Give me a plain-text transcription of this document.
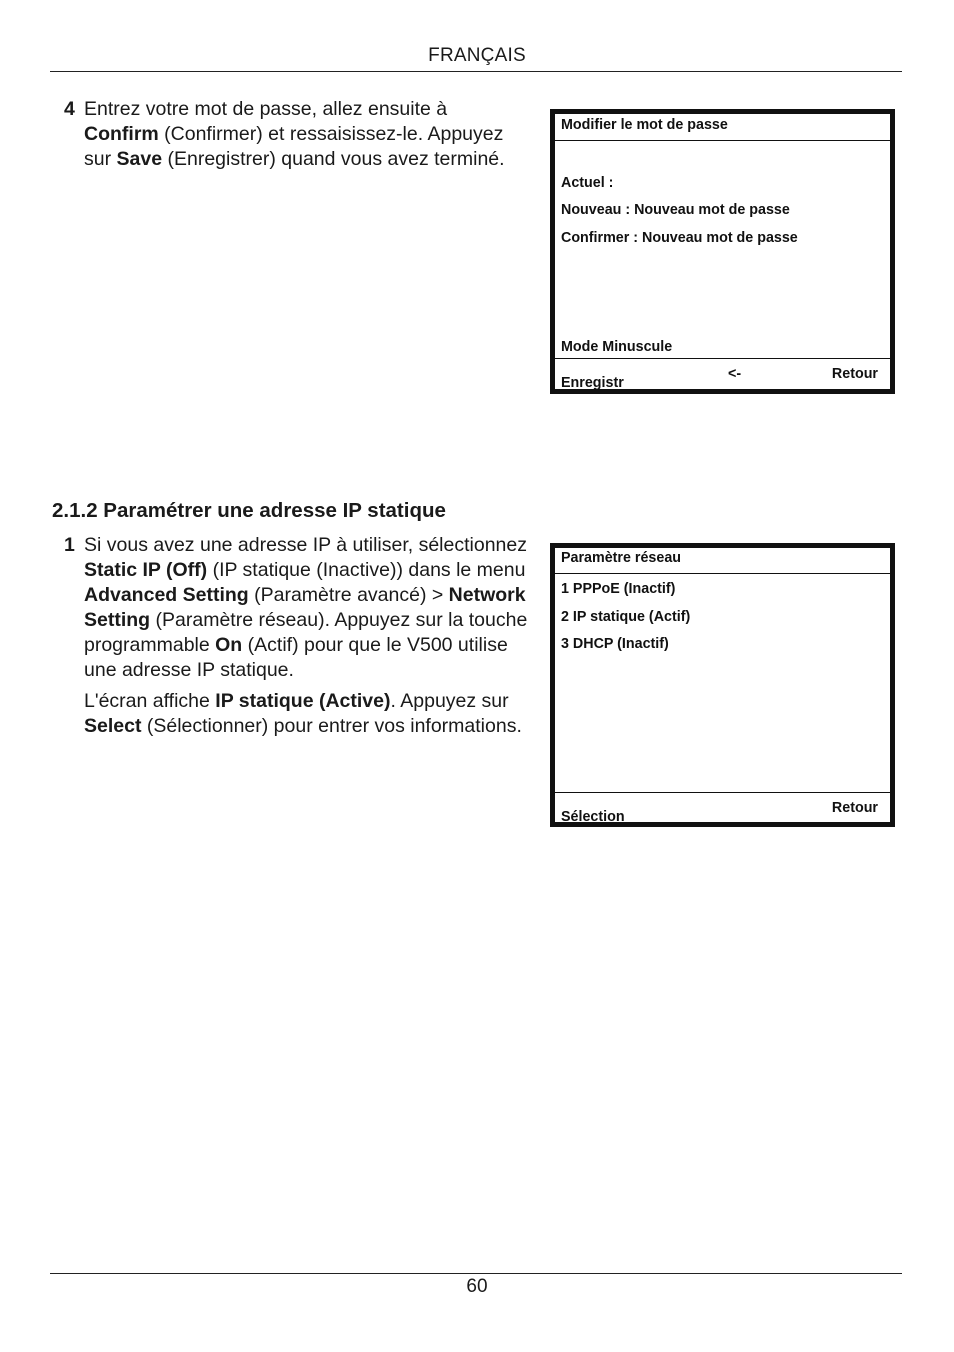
FRANÇAIS
4 Entrez votre mot de passe, allez ensuite à Confirm (Confirmer) et ressaisissez-le. Appuyez sur Save (Enregistrer) quand vous avez terminé.

Modifier le mot de passe
Actuel :
Nouveau : Nouveau mot de passe
Confirmer : Nouveau mot de passe
Mode Minuscule
Enregistr
<-	Retour
2.1.2 Paramétrer une adresse IP statique
1 Si vous avez une adresse IP à utiliser, sélectionnez Static IP (Off) (IP statique (Inactive)) dans le menu Advanced Setting (Paramètre avancé) > Network Setting (Paramètre réseau). Appuyez sur la touche programmable On (Actif) pour que le V500 utilise une adresse IP statique.

L'écran affiche IP statique (Active). Appuyez sur Select (Sélectionner) pour entrer vos informations.

Paramètre réseau
1 PPPoE (Inactif)
2 IP statique (Actif)
3 DHCP (Inactif)
Sélection
Retour
60
